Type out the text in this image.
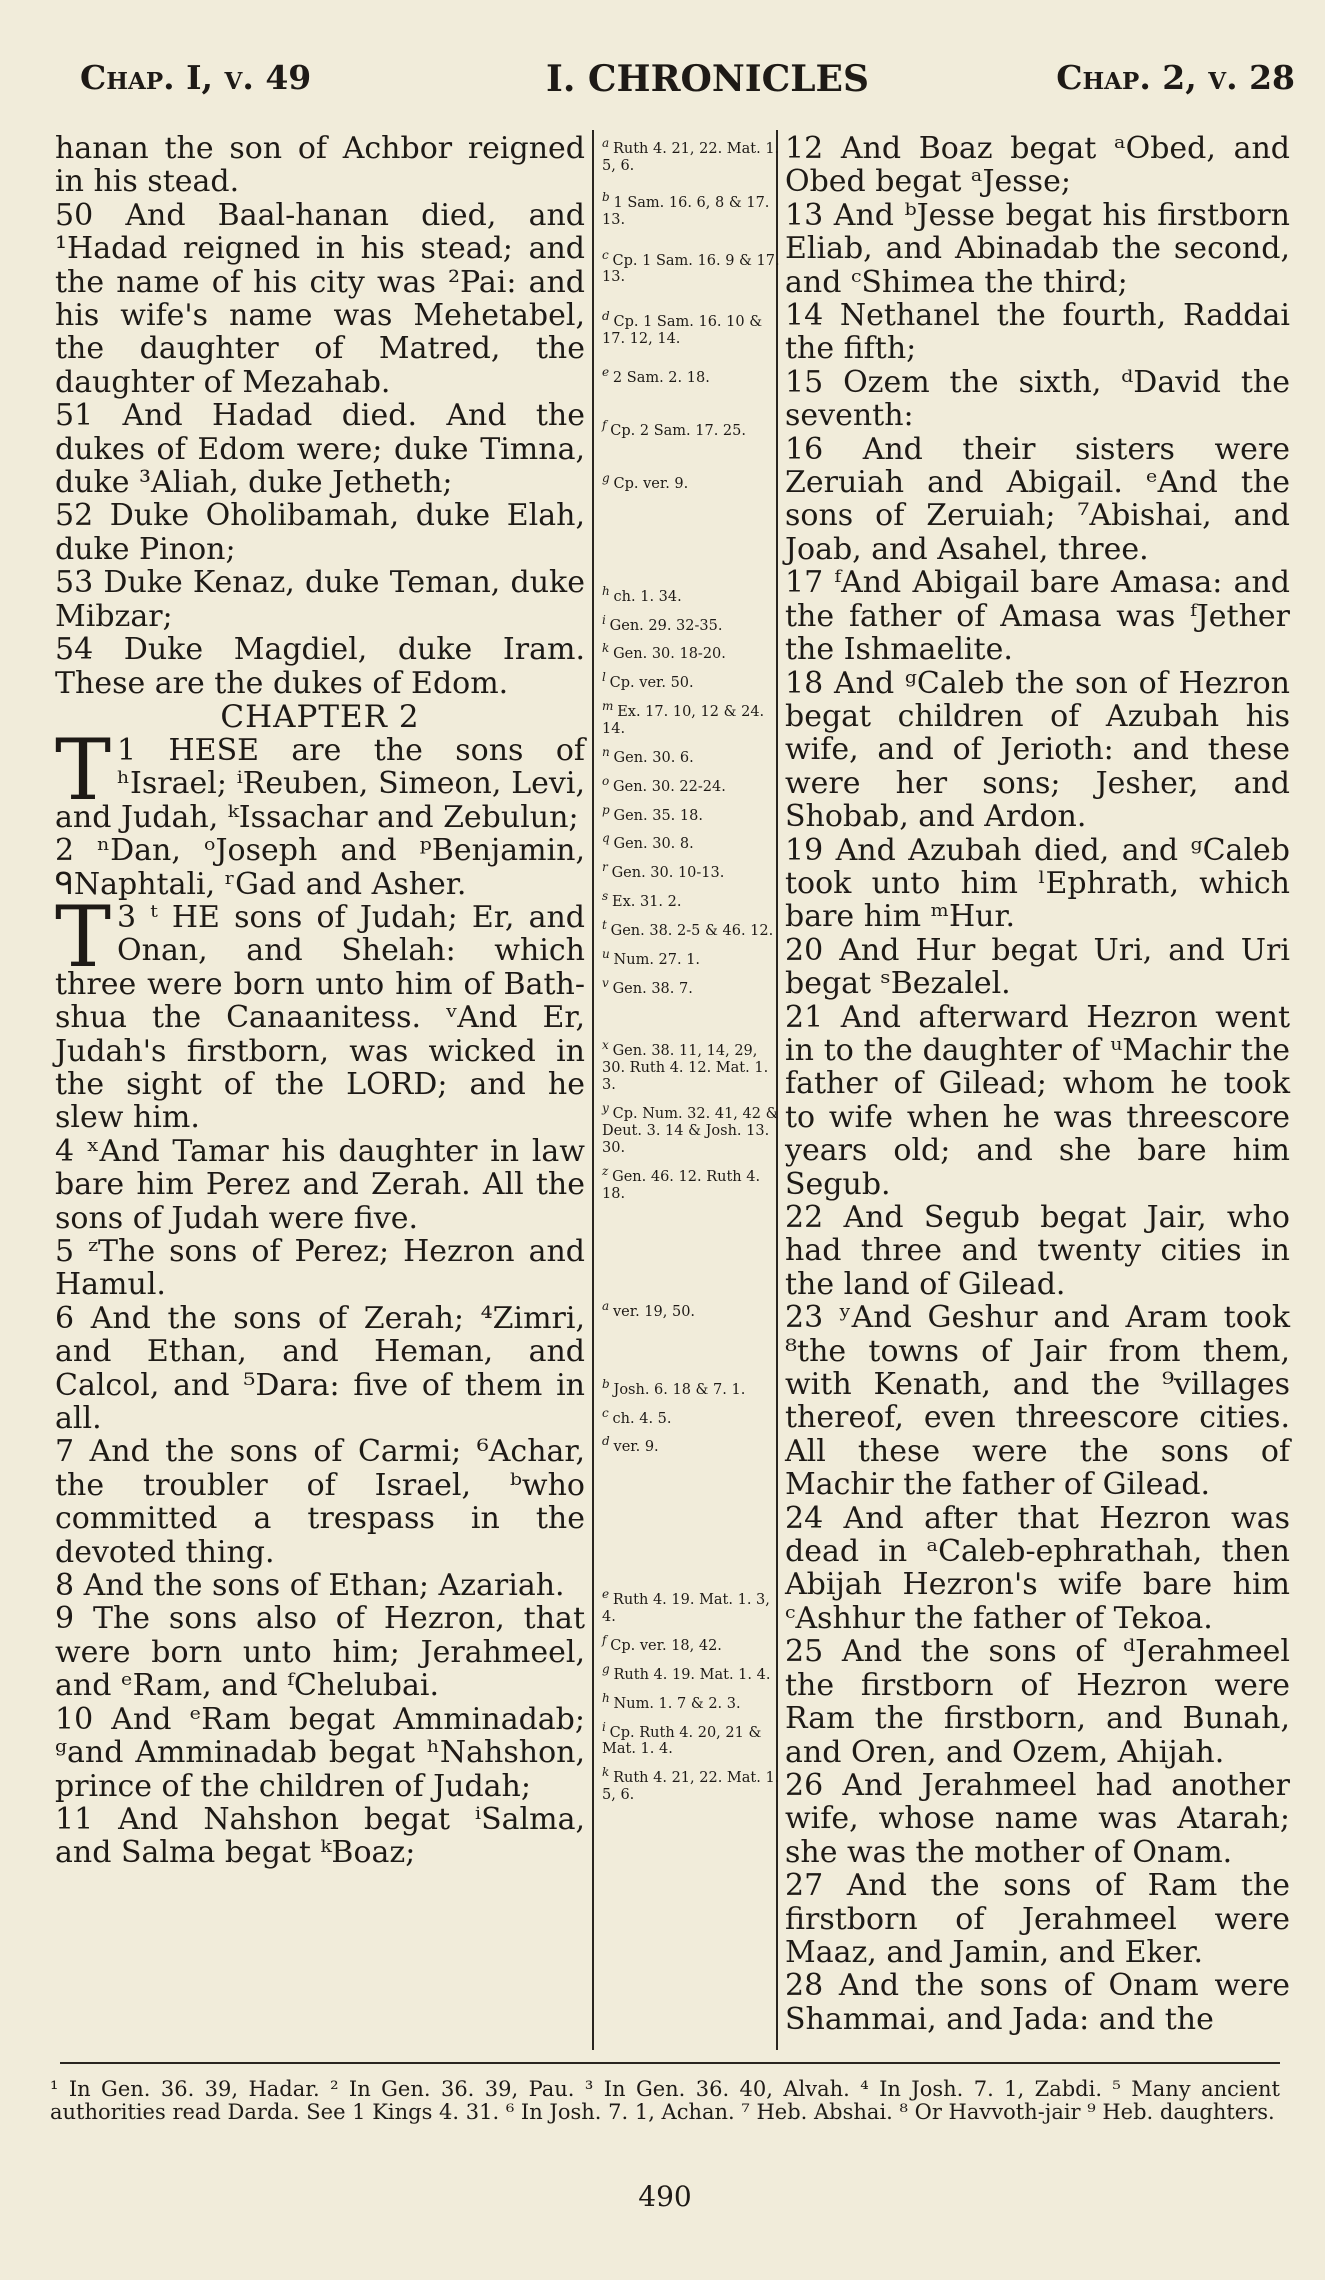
Chap. I, v. 49	I. CHRONICLES	Chap. 2, v. 28

hanan the son of Achbor reigned in his stead.

50 And Baal-hanan died, and ¹Hadad reigned in his stead; and the name of his city was ²Pai: and his wife's name was Mehetabel, the daughter of Matred, the daughter of Mezahab.

51 And Hadad died. And the dukes of Edom were; duke Timna, duke ³Aliah, duke Jetheth;

52 Duke Oholibamah, duke Elah, duke Pinon;

53 Duke Kenaz, duke Teman, duke Mibzar;

54 Duke Magdiel, duke Iram. These are the dukes of Edom.

CHAPTER 2

1
T HESE are the sons of ʰIsrael; ⁱReuben, Simeon, Levi, and Judah, ᵏIssachar and Zebulun;

2 ⁿDan, ᵒJoseph and ᵖBenjamin, ᑫNaphtali, ʳGad and Asher.

3 ᵗ
T HE sons of Judah; Er, and Onan, and Shelah: which three were born unto him of Bath-shua the Canaanitess. ᵛAnd Er, Judah's firstborn, was wicked in the sight of the LORD; and he slew him.

4 ˣAnd Tamar his daughter in law bare him Perez and Zerah. All the sons of Judah were five.

5 ᶻThe sons of Perez; Hezron and Hamul.

6 And the sons of Zerah; ⁴Zimri, and Ethan, and Heman, and Calcol, and ⁵Dara: five of them in all.

7 And the sons of Carmi; ⁶Achar, the troubler of Israel, ᵇwho committed a trespass in the devoted thing.

8 And the sons of Ethan; Azariah.

9 The sons also of Hezron, that were born unto him; Jerahmeel, and ᵉRam, and ᶠChelubai.

10 And ᵉRam begat Amminadab; ᵍand Amminadab begat ʰNahshon, prince of the children of Judah;

11 And Nahshon begat ⁱSalma, and Salma begat ᵏBoaz;

$^a$ Ruth 4. 21, 22. Mat. 1. 5, 6.

$^b$ 1 Sam. 16. 6, 8 & 17. 13.

$^c$ Cp. 1 Sam. 16. 9 & 17. 13.

$^d$ Cp. 1 Sam. 16. 10 & 17. 12, 14.

$^e$ 2 Sam. 2. 18.

$^f$ Cp. 2 Sam. 17. 25.

$^g$ Cp. ver. 9.

$^h$ ch. 1. 34.

$^i$ Gen. 29. 32-35.

$^k$ Gen. 30. 18-20.

$^l$ Cp. ver. 50.

$^m$ Ex. 17. 10, 12 & 24. 14.

$^n$ Gen. 30. 6.

$^o$ Gen. 30. 22-24.

$^p$ Gen. 35. 18.

$^q$ Gen. 30. 8.

$^r$ Gen. 30. 10-13.

$^s$ Ex. 31. 2.

$^t$ Gen. 38. 2-5 & 46. 12.

$^u$ Num. 27. 1.

$^v$ Gen. 38. 7.

$^x$ Gen. 38. 11, 14, 29, 30. Ruth 4. 12. Mat. 1. 3.

$^y$ Cp. Num. 32. 41, 42 & Deut. 3. 14 & Josh. 13. 30.

$^z$ Gen. 46. 12. Ruth 4. 18.

$^a$ ver. 19, 50.

$^b$ Josh. 6. 18 & 7. 1.

$^c$ ch. 4. 5.

$^d$ ver. 9.

$^e$ Ruth 4. 19. Mat. 1. 3, 4.

$^f$ Cp. ver. 18, 42.

$^g$ Ruth 4. 19. Mat. 1. 4.

$^h$ Num. 1. 7 & 2. 3.

$^i$ Cp. Ruth 4. 20, 21 & Mat. 1. 4.

$^k$ Ruth 4. 21, 22. Mat. 1. 5, 6.

12 And Boaz begat ᵃObed, and Obed begat ᵃJesse;

13 And ᵇJesse begat his firstborn Eliab, and Abinadab the second, and ᶜShimea the third;

14 Nethanel the fourth, Raddai the fifth;

15 Ozem the sixth, ᵈDavid the seventh:

16 And their sisters were Zeruiah and Abigail. ᵉAnd the sons of Zeruiah; ⁷Abishai, and Joab, and Asahel, three.

17 ᶠAnd Abigail bare Amasa: and the father of Amasa was ᶠJether the Ishmaelite.

18 And ᵍCaleb the son of Hezron begat children of Azubah his wife, and of Jerioth: and these were her sons; Jesher, and Shobab, and Ardon.

19 And Azubah died, and ᵍCaleb took unto him ˡEphrath, which bare him ᵐHur.

20 And Hur begat Uri, and Uri begat ˢBezalel.

21 And afterward Hezron went in to the daughter of ᵘMachir the father of Gilead; whom he took to wife when he was threescore years old; and she bare him Segub.

22 And Segub begat Jair, who had three and twenty cities in the land of Gilead.

23 ʸAnd Geshur and Aram took ⁸the towns of Jair from them, with Kenath, and the ⁹villages thereof, even threescore cities. All these were the sons of Machir the father of Gilead.

24 And after that Hezron was dead in ᵃCaleb-ephrathah, then Abijah Hezron's wife bare him ᶜAshhur the father of Tekoa.

25 And the sons of ᵈJerahmeel the firstborn of Hezron were Ram the firstborn, and Bunah, and Oren, and Ozem, Ahijah.

26 And Jerahmeel had another wife, whose name was Atarah; she was the mother of Onam.

27 And the sons of Ram the firstborn of Jerahmeel were Maaz, and Jamin, and Eker.

28 And the sons of Onam were Shammai, and Jada: and the

¹ In Gen. 36. 39, Hadar. ² In Gen. 36. 39, Pau. ³ In Gen. 36. 40, Alvah. ⁴ In Josh. 7. 1, Zabdi. ⁵ Many ancient authorities read Darda. See 1 Kings 4. 31. ⁶ In Josh. 7. 1, Achan. ⁷ Heb. Abshai. ⁸ Or Havvoth-jair ⁹ Heb. daughters.

490
